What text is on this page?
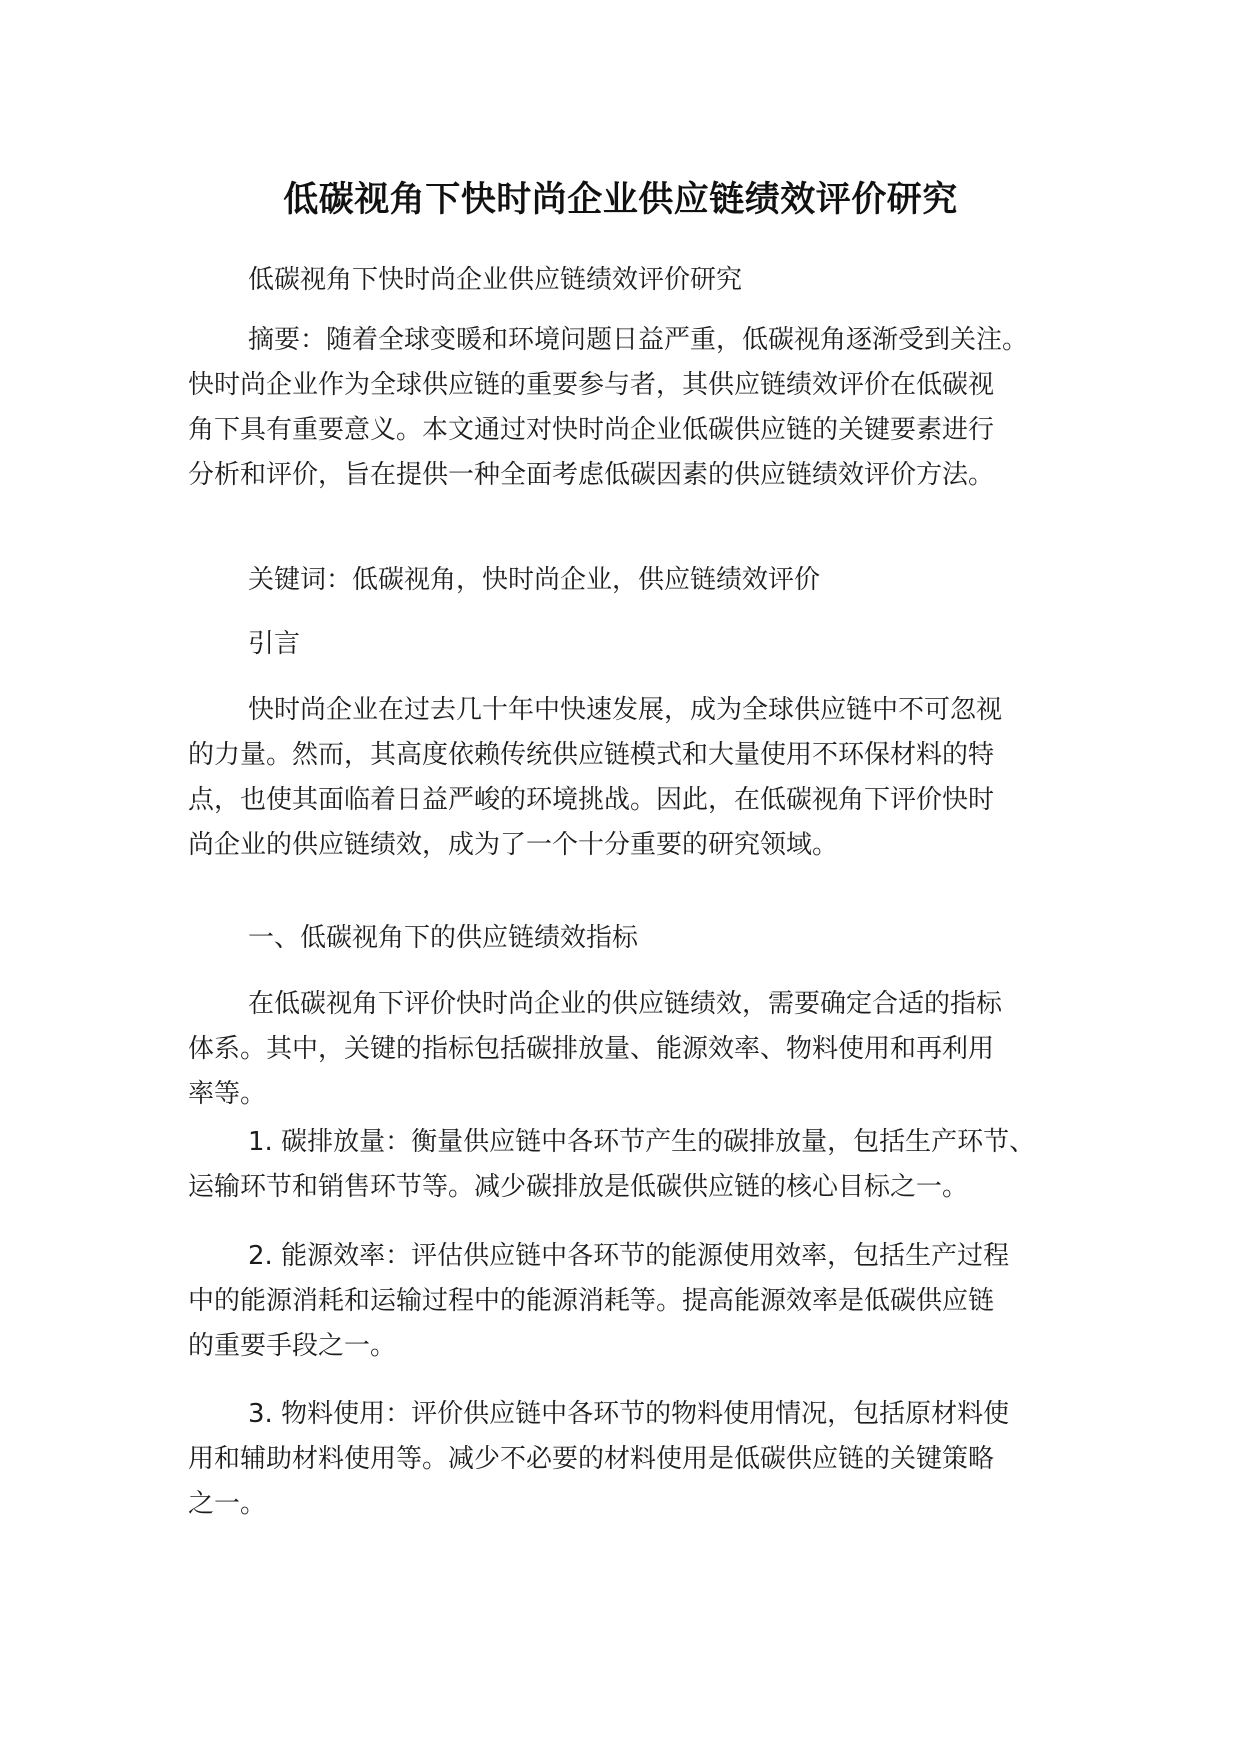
低碳视角下快时尚企业供应链绩效评价研究

低碳视角下快时尚企业供应链绩效评价研究

摘要：随着全球变暖和环境问题日益严重，低碳视角逐渐受到关注。
快时尚企业作为全球供应链的重要参与者，其供应链绩效评价在低碳视
角下具有重要意义。本文通过对快时尚企业低碳供应链的关键要素进行
分析和评价，旨在提供一种全面考虑低碳因素的供应链绩效评价方法。

关键词：低碳视角，快时尚企业，供应链绩效评价

引言

快时尚企业在过去几十年中快速发展，成为全球供应链中不可忽视
的力量。然而，其高度依赖传统供应链模式和大量使用不环保材料的特
点，也使其面临着日益严峻的环境挑战。因此，在低碳视角下评价快时
尚企业的供应链绩效，成为了一个十分重要的研究领域。

一、低碳视角下的供应链绩效指标

在低碳视角下评价快时尚企业的供应链绩效，需要确定合适的指标
体系。其中，关键的指标包括碳排放量、能源效率、物料使用和再利用
率等。

1. 碳排放量：衡量供应链中各环节产生的碳排放量，包括生产环节、
运输环节和销售环节等。减少碳排放是低碳供应链的核心目标之一。

2. 能源效率：评估供应链中各环节的能源使用效率，包括生产过程
中的能源消耗和运输过程中的能源消耗等。提高能源效率是低碳供应链
的重要手段之一。

3. 物料使用：评价供应链中各环节的物料使用情况，包括原材料使
用和辅助材料使用等。减少不必要的材料使用是低碳供应链的关键策略
之一。
